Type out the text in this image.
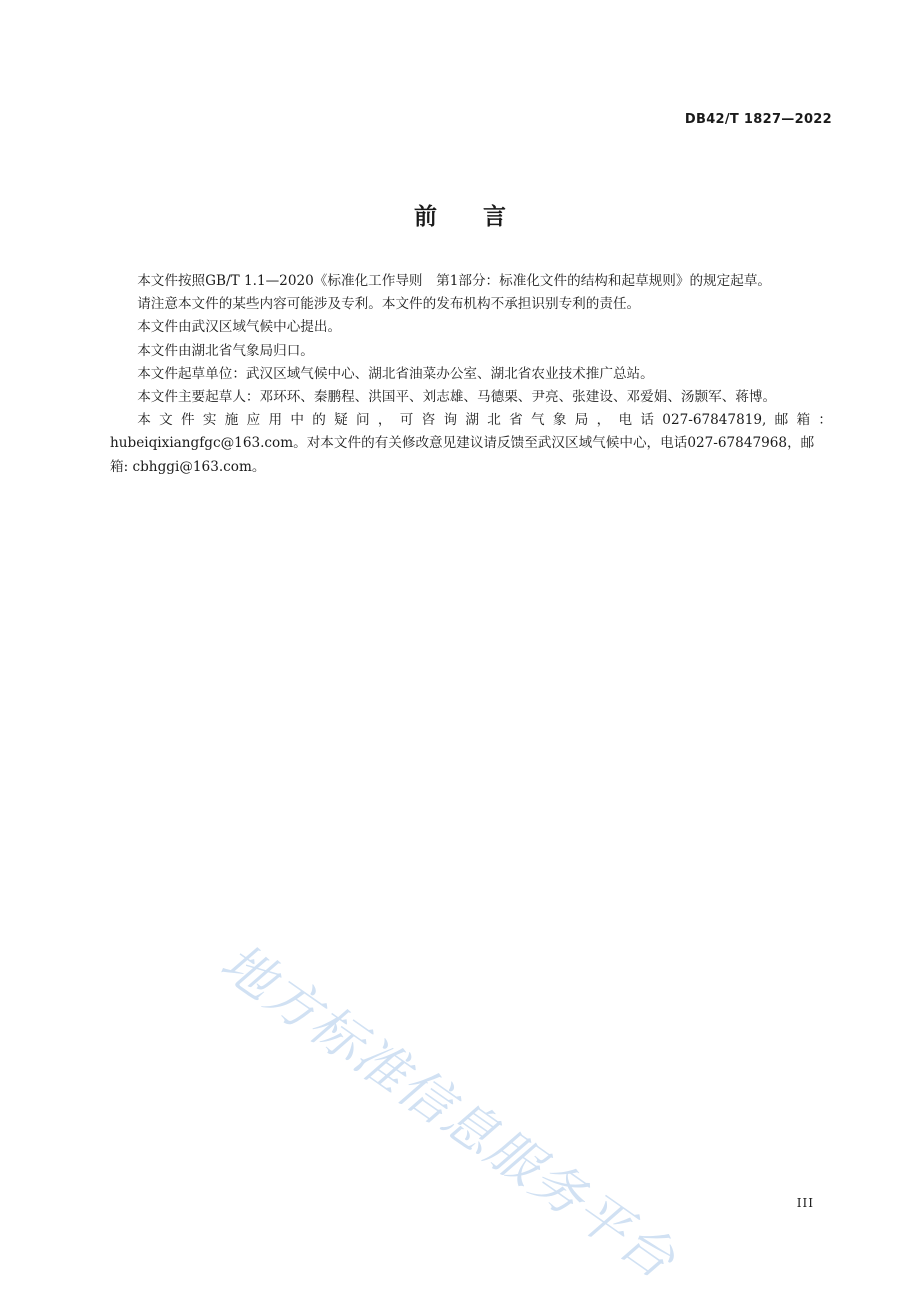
DB42/T 1827—2022
前 言

本文件按照GB/T 1.1—2020《标准化工作导则　第1部分：标准化文件的结构和起草规则》的规定起草。

请注意本文件的某些内容可能涉及专利。本文件的发布机构不承担识别专利的责任。

本文件由武汉区域气候中心提出。

本文件由湖北省气象局归口。

本文件起草单位：武汉区域气候中心、湖北省油菜办公室、湖北省农业技术推广总站。

本文件主要起草人：邓环环、秦鹏程、洪国平、刘志雄、马德栗、尹亮、张建设、邓爱娟、汤颢军、蒋博。

本文件实施应用中的疑问，可咨询湖北省气象局，电话027-67847819,邮箱：

hubeiqixiangfgc@163.com。对本文件的有关修改意见建议请反馈至武汉区域气候中心，电话027-67847968，邮箱: cbhggi@163.com。

地方标准信息服务平台	III
